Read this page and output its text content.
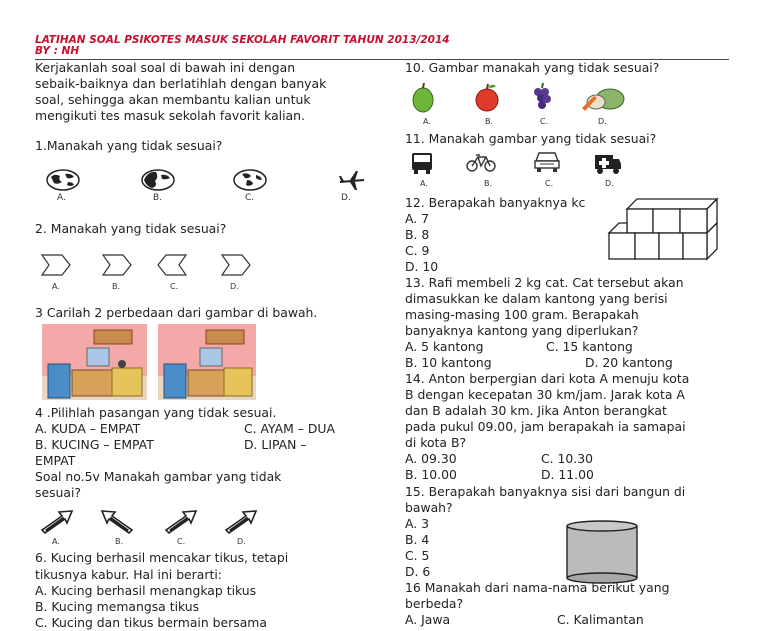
LATIHAN SOAL PSIKOTES MASUK SEKOLAH FAVORIT TAHUN 2013/2014
BY : NH
Kerjakanlah soal soal di bawah ini dengan
sebaik-baiknya dan berlatihlah dengan banyak
soal, sehingga akan membantu kalian untuk
mengikuti tes masuk sekolah favorit kalian.
1.Manakah yang tidak sesuai?
A.	B.	C.	D.
2. Manakah yang tidak sesuai?
A.	B.	C.	D.
3 Carilah 2 perbedaan dari gambar di bawah.
4 .Pilihlah pasangan yang tidak sesuai.
A. KUDA – EMPAT	C. AYAM – DUA
B. KUCING – EMPAT	D. LIPAN –
EMPAT
Soal no.5v Manakah gambar yang tidak
sesuai?
A.	B.	C.	D.
6. Kucing berhasil mencakar tikus, tetapi
tikusnya kabur. Hal ini berarti:
A. Kucing berhasil menangkap tikus
B. Kucing memangsa tikus
C. Kucing dan tikus bermain bersama
10. Gambar manakah yang tidak sesuai?
A.	B.	C.	D.
11. Manakah gambar yang tidak sesuai?
A.	B.	C.	D.
12. Berapakah banyaknya kc
A. 7
B. 8
C. 9
D. 10
13. Rafi membeli 2 kg cat. Cat tersebut akan
dimasukkan ke dalam kantong yang berisi
masing-masing 100 gram. Berapakah
banyaknya kantong yang diperlukan?
A. 5 kantong	C. 15 kantong
B. 10 kantong	D. 20 kantong
14. Anton berpergian dari kota A menuju kota
B dengan kecepatan 30 km/jam. Jarak kota A
dan B adalah 30 km. Jika Anton berangkat
pada pukul 09.00, jam berapakah ia samapai
di kota B?
A. 09.30	C. 10.30
B. 10.00	D. 11.00
15. Berapakah banyaknya sisi dari bangun di
bawah?
A. 3
B. 4
C. 5
D. 6
16 Manakah dari nama-nama berikut yang
berbeda?
A. Jawa	C. Kalimantan
